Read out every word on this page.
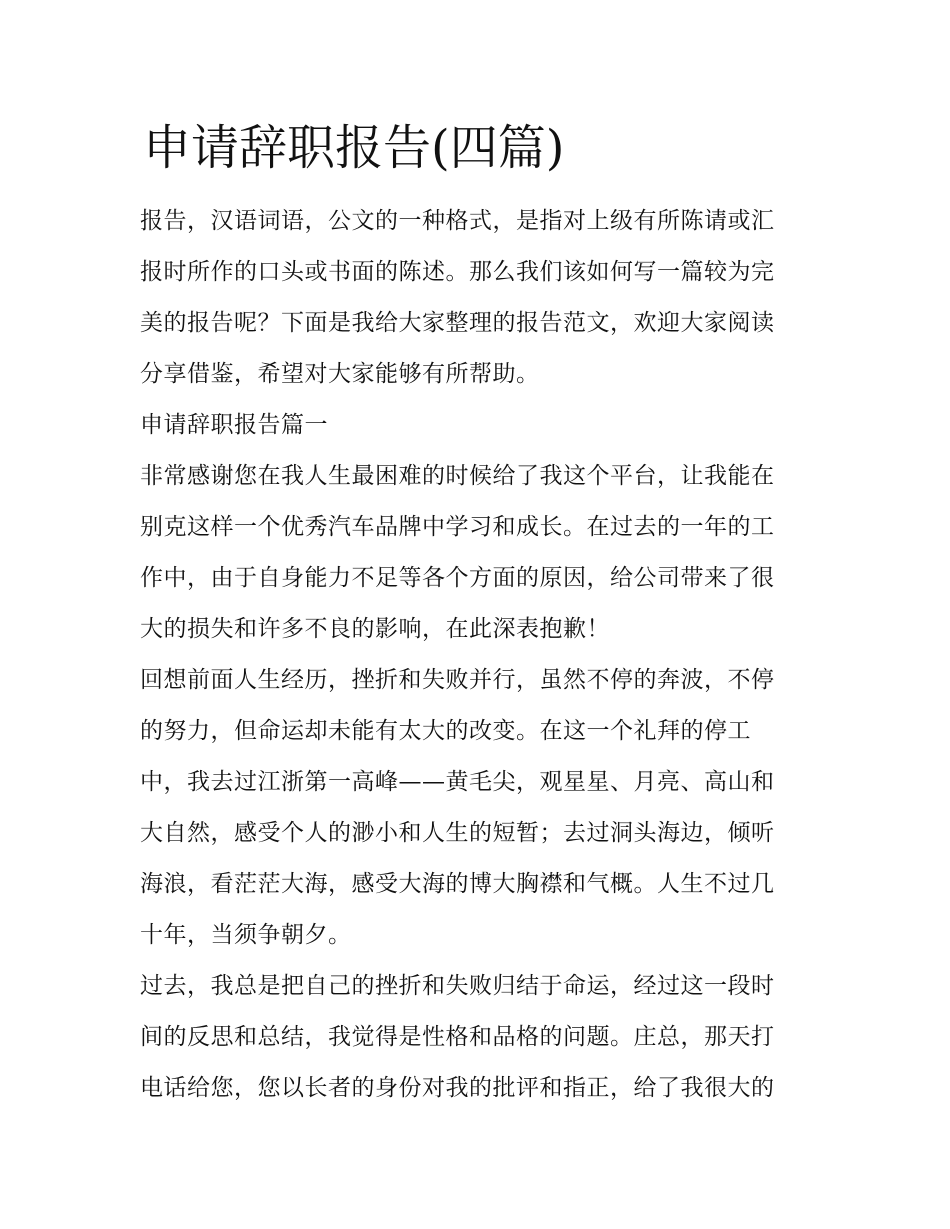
申请辞职报告(四篇)

报告，汉语词语，公文的一种格式，是指对上级有所陈请或汇

报时所作的口头或书面的陈述。那么我们该如何写一篇较为完

美的报告呢？下面是我给大家整理的报告范文，欢迎大家阅读

分享借鉴，希望对大家能够有所帮助。

申请辞职报告篇一

非常感谢您在我人生最困难的时候给了我这个平台，让我能在

别克这样一个优秀汽车品牌中学习和成长。在过去的一年的工

作中，由于自身能力不足等各个方面的原因，给公司带来了很

大的损失和许多不良的影响，在此深表抱歉！

回想前面人生经历，挫折和失败并行，虽然不停的奔波，不停

的努力，但命运却未能有太大的改变。在这一个礼拜的停工

中，我去过江浙第一高峰——黄毛尖，观星星、月亮、高山和

大自然，感受个人的渺小和人生的短暂；去过洞头海边，倾听

海浪，看茫茫大海，感受大海的博大胸襟和气概。人生不过几

十年，当须争朝夕。

过去，我总是把自己的挫折和失败归结于命运，经过这一段时

间的反思和总结，我觉得是性格和品格的问题。庄总，那天打

电话给您，您以长者的身份对我的批评和指正，给了我很大的
